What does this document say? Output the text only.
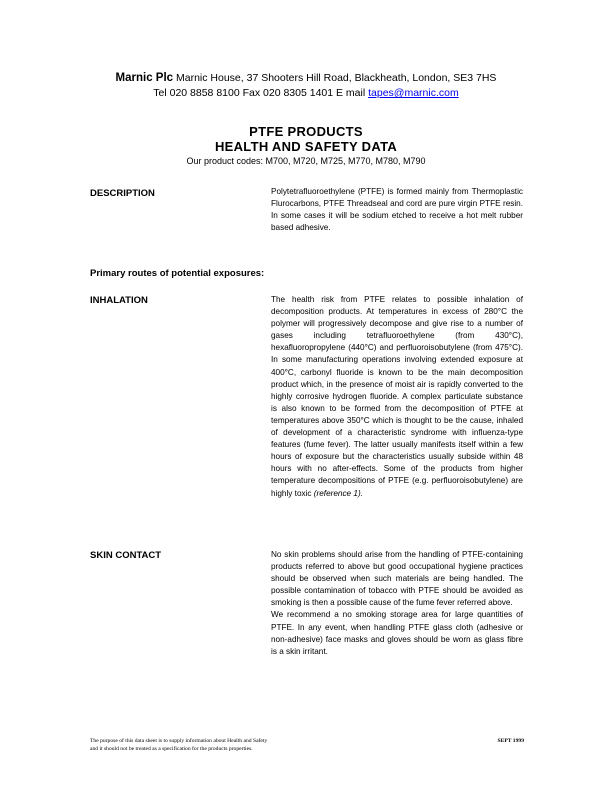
Marnic Plc Marnic House, 37 Shooters Hill Road, Blackheath, London, SE3 7HS
Tel 020 8858 8100 Fax 020 8305 1401 E mail tapes@marnic.com
PTFE PRODUCTS
HEALTH AND SAFETY DATA
Our product codes: M700, M720, M725, M770, M780, M790
DESCRIPTION	Polytetrafluoroethylene (PTFE) is formed mainly from Thermoplastic Flurocarbons, PTFE Threadseal and cord are pure virgin PTFE resin. In some cases it will be sodium etched to receive a hot melt rubber based adhesive.

Primary routes of potential exposures:
INHALATION	The health risk from PTFE relates to possible inhalation of decomposition products. At temperatures in excess of 280°C the polymer will progressively decompose and give rise to a number of gases including tetrafluoroethylene (from 430°C), hexafluoropropylene (440°C) and perfluoroisobutylene (from 475°C). In some manufacturing operations involving extended exposure at 400°C, carbonyl fluoride is known to be the main decomposition product which, in the presence of moist air is rapidly converted to the highly corrosive hydrogen fluoride. A complex particulate substance is also known to be formed from the decomposition of PTFE at temperatures above 350°C which is thought to be the cause, inhaled of development of a characteristic syndrome with influenza-type features (fume fever). The latter usually manifests itself within a few hours of exposure but the characteristics usually subside within 48 hours with no after-effects. Some of the products from higher temperature decompositions of PTFE (e.g. perfluoroisobutylene) are highly toxic (reference 1).

SKIN CONTACT	No skin problems should arise from the handling of PTFE-containing products referred to above but good occupational hygiene practices should be observed when such materials are being handled. The possible contamination of tobacco with PTFE should be avoided as smoking is then a possible cause of the fume fever referred above.

We recommend a no smoking storage area for large quantities of PTFE. In any event, when handling PTFE glass cloth (adhesive or non-adhesive) face masks and gloves should be worn as glass fibre is a skin irritant.

The purpose of this data sheet is to supply information about Health and Safety
and it should not be treated as a specification for the products properties.
SEPT 1999
